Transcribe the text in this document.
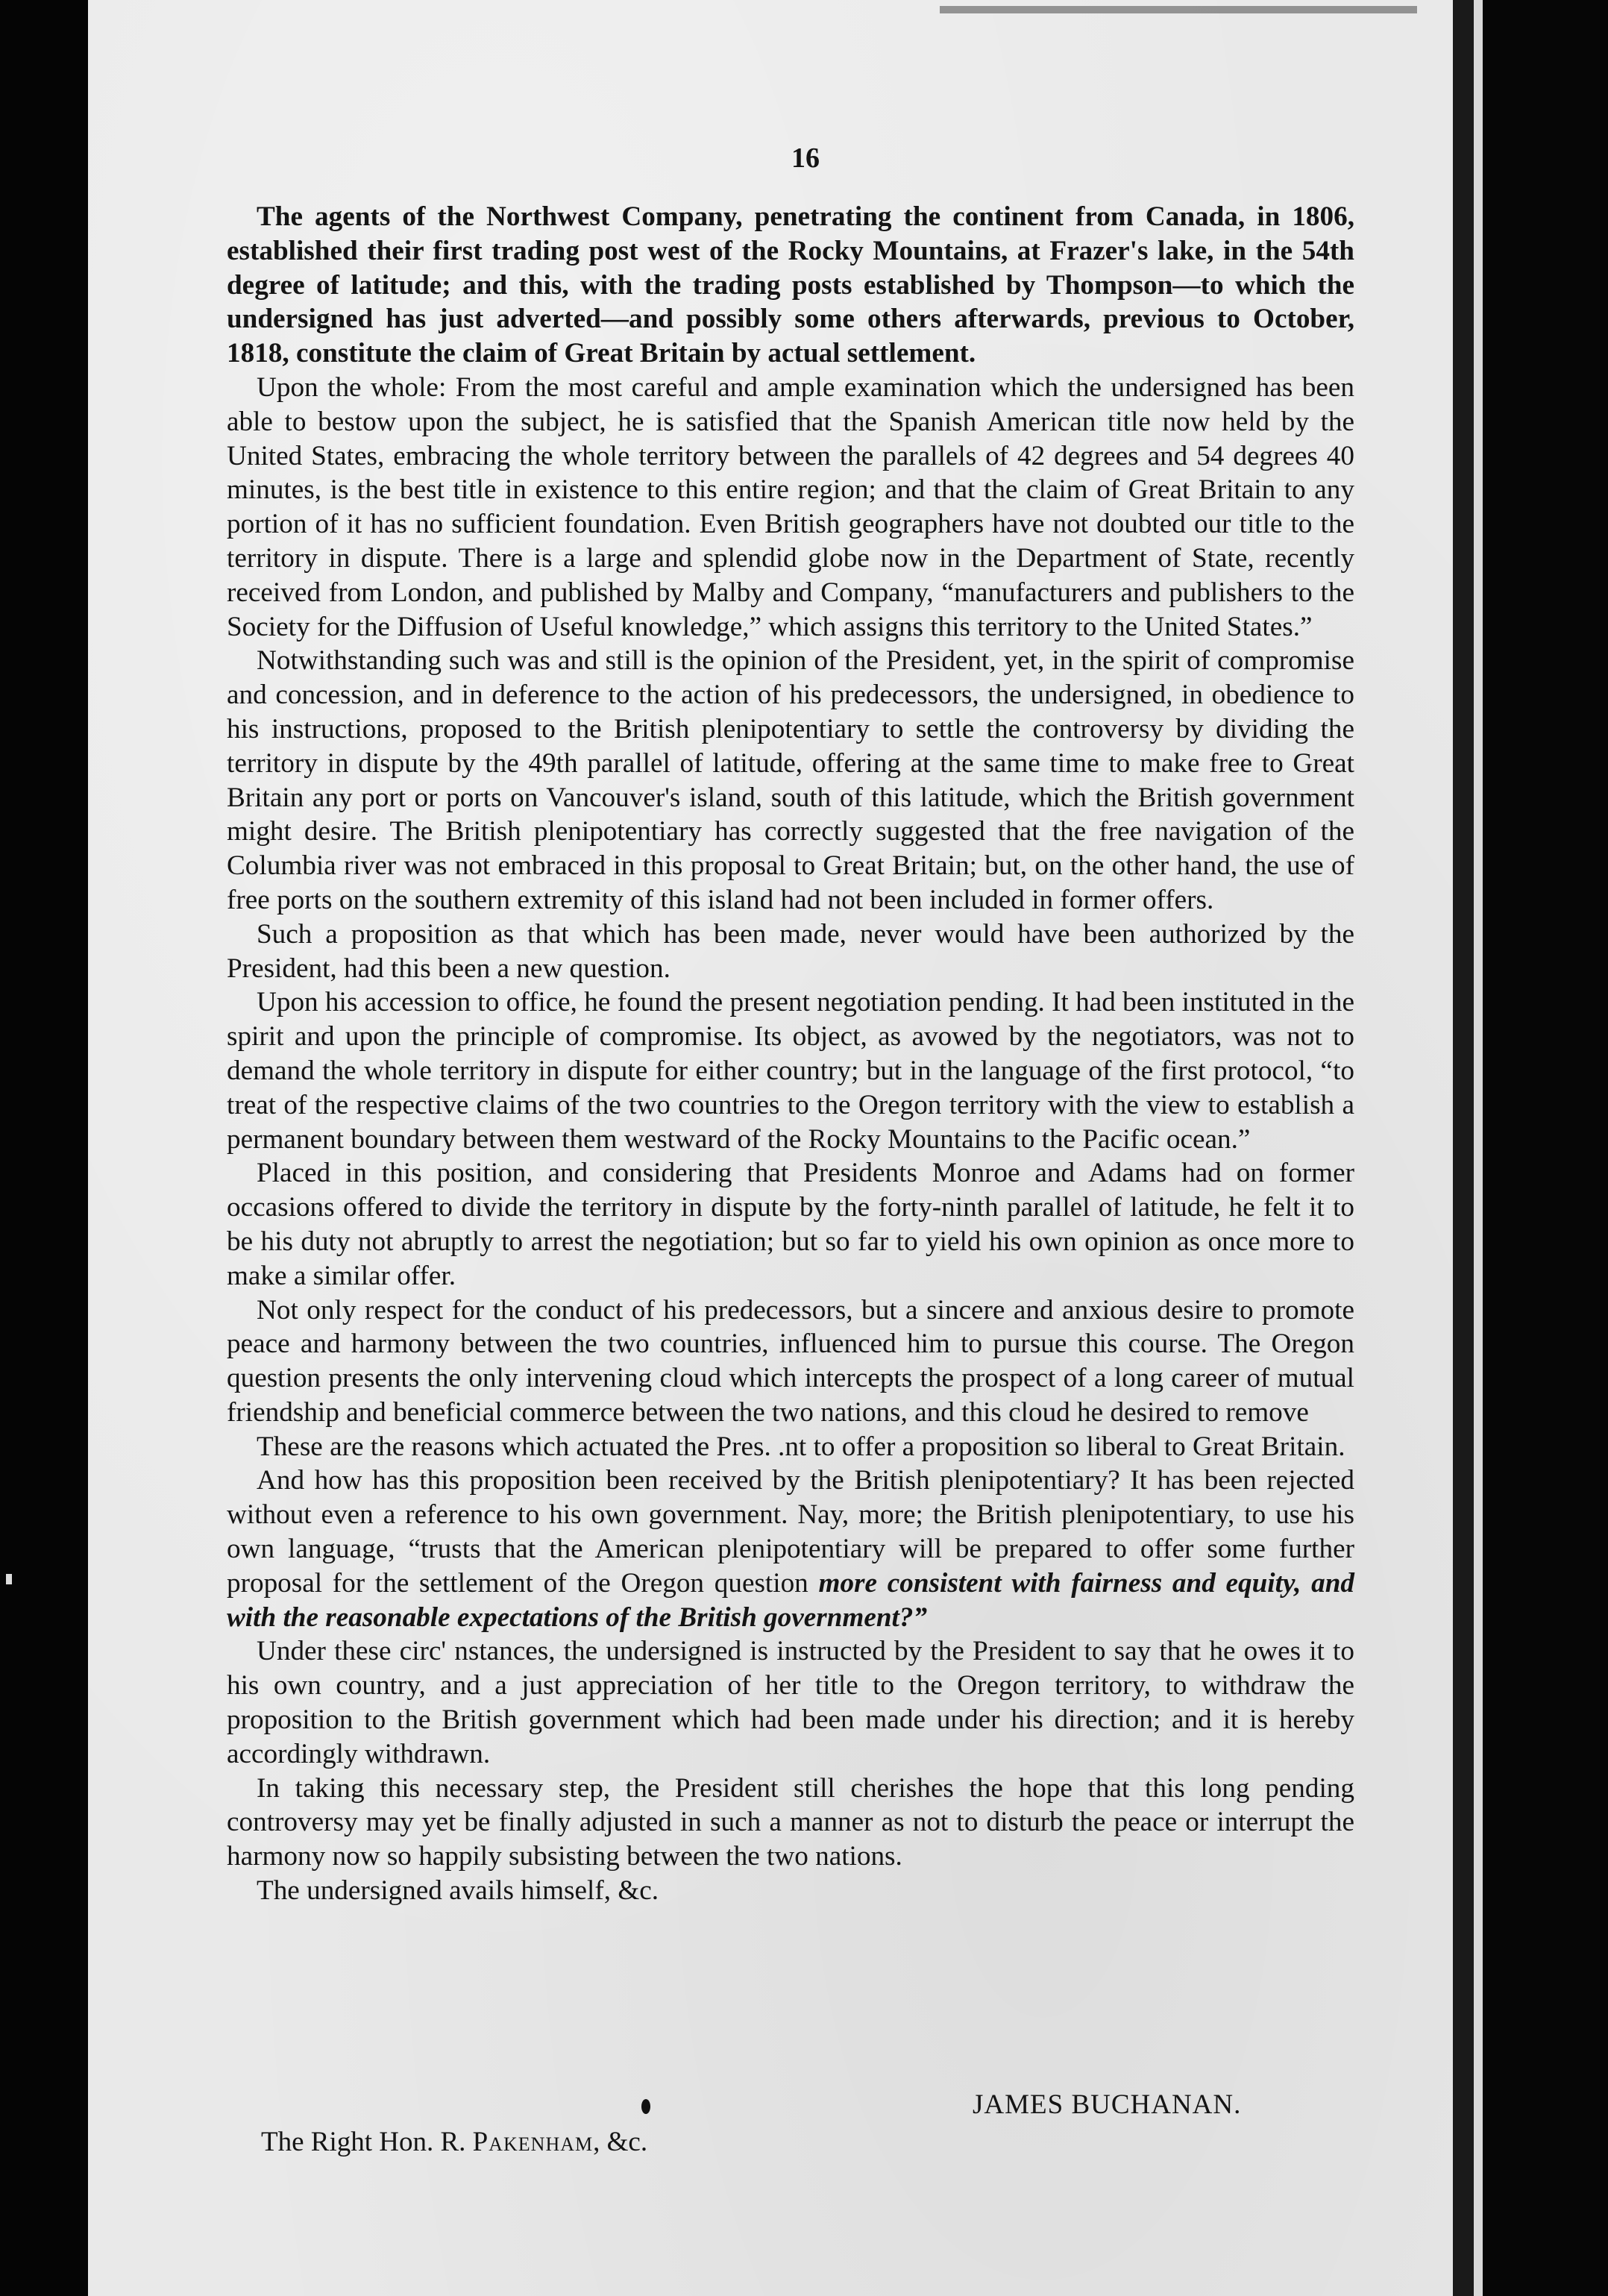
16

The agents of the Northwest Company, penetrating the continent from Canada, in 1806, established their first trading post west of the Rocky Mountains, at Frazer's lake, in the 54th degree of latitude; and this, with the trading posts established by Thompson—to which the undersigned has just adverted—and possibly some others afterwards, previous to October, 1818, constitute the claim of Great Britain by actual settlement.

Upon the whole: From the most careful and ample examination which the undersigned has been able to bestow upon the subject, he is satisfied that the Spanish American title now held by the United States, embracing the whole territory between the parallels of 42 degrees and 54 degrees 40 minutes, is the best title in existence to this entire region; and that the claim of Great Britain to any portion of it has no sufficient foundation. Even British geographers have not doubted our title to the territory in dispute. There is a large and splendid globe now in the Department of State, recently received from London, and published by Malby and Company, “manufacturers and publishers to the Society for the Diffusion of Useful knowledge,” which assigns this territory to the United States.”

Notwithstanding such was and still is the opinion of the President, yet, in the spirit of compromise and concession, and in deference to the action of his predecessors, the undersigned, in obedience to his instructions, proposed to the British plenipotentiary to settle the controversy by dividing the territory in dispute by the 49th parallel of latitude, offering at the same time to make free to Great Britain any port or ports on Vancouver's island, south of this latitude, which the British government might desire. The British plenipotentiary has correctly suggested that the free navigation of the Columbia river was not embraced in this proposal to Great Britain; but, on the other hand, the use of free ports on the southern extremity of this island had not been included in former offers.

Such a proposition as that which has been made, never would have been authorized by the President, had this been a new question.

Upon his accession to office, he found the present negotiation pending. It had been instituted in the spirit and upon the principle of compromise. Its object, as avowed by the negotiators, was not to demand the whole territory in dispute for either country; but in the language of the first protocol, “to treat of the respective claims of the two countries to the Oregon territory with the view to establish a permanent boundary between them westward of the Rocky Mountains to the Pacific ocean.”

Placed in this position, and considering that Presidents Monroe and Adams had on former occasions offered to divide the territory in dispute by the forty-ninth parallel of latitude, he felt it to be his duty not abruptly to arrest the negotiation; but so far to yield his own opinion as once more to make a similar offer.

Not only respect for the conduct of his predecessors, but a sincere and anxious desire to promote peace and harmony between the two countries, influenced him to pursue this course. The Oregon question presents the only intervening cloud which intercepts the prospect of a long career of mutual friendship and beneficial commerce between the two nations, and this cloud he desired to remove

These are the reasons which actuated the Pres. .nt to offer a proposition so liberal to Great Britain.

And how has this proposition been received by the British plenipotentiary? It has been rejected without even a reference to his own government. Nay, more; the British plenipotentiary, to use his own language, “trusts that the American plenipotentiary will be prepared to offer some further proposal for the settlement of the Oregon question more consistent with fairness and equity, and with the reasonable expectations of the British government?”

Under these circ' nstances, the undersigned is instructed by the President to say that he owes it to his own country, and a just appreciation of her title to the Oregon territory, to withdraw the proposition to the British government which had been made under his direction; and it is hereby accordingly withdrawn.

In taking this necessary step, the President still cherishes the hope that this long pending controversy may yet be finally adjusted in such a manner as not to disturb the peace or interrupt the harmony now so happily subsisting between the two nations.

The undersigned avails himself, &c.

JAMES BUCHANAN.
The Right Hon. R. Pakenham, &c.
